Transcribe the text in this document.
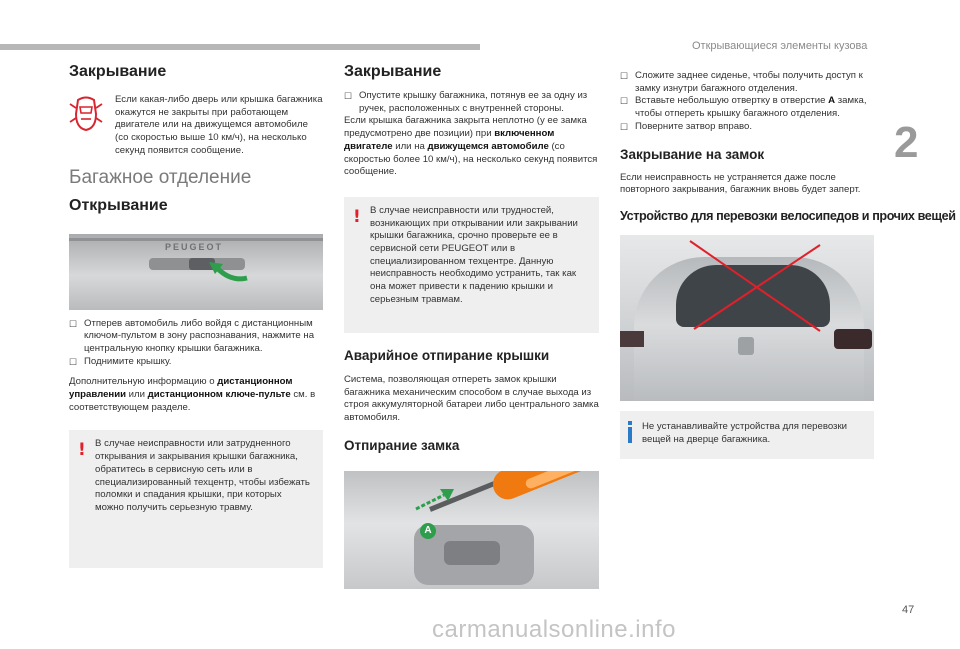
Открывающиеся элементы кузова
2
Закрывание

Если какая-либо дверь или крышка багажника окажутся не закрыты при работающем двигателе или на движущемся автомобиле (со скоростью выше 10 км/ч), на несколько секунд появится сообщение.

Багажное отделение
Открывание
PEUGEOT
☐ Отперев автомобиль либо войдя с дистанционным ключом-пультом в зону распознавания, нажмите на центральную кнопку крышки багажника.
☐ Поднимите крышку.

Дополнительную информацию о дистанционном управлении или дистанционном ключе-пульте см. в соответствующем разделе.

! В случае неисправности или затрудненного открывания и закрывания крышки багажника, обратитесь в сервисную сеть или в специализированный техцентр, чтобы избежать поломки и спадания крышки, при которых можно получить серьезную травму.

Закрывание
☐ Опустите крышку багажника, потянув ее за одну из ручек, расположенных с внутренней стороны.

Если крышка багажника закрыта неплотно (у ее замка предусмотрено две позиции) при включенном двигателе или на движущемся автомобиле (со скоростью более 10 км/ч), на несколько секунд появится сообщение.

! В случае неисправности или трудностей, возникающих при открывании или закрывании крышки багажника, срочно проверьте ее в сервисной сети PEUGEOT или в специализированном техцентре. Данную неисправность необходимо устранить, так как она может привести к падению крышки и серьезным травмам.

Аварийное отпирание крышки

Система, позволяющая отпереть замок крышки багажника механическим способом в случае выхода из строя аккумуляторной батареи либо центрального замка автомобиля.

Отпирание замка
A
☐ Сложите заднее сиденье, чтобы получить доступ к замку изнутри багажного отделения.
☐ Вставьте небольшую отвертку в отверстие A замка, чтобы отпереть крышку багажного отделения.
☐ Поверните затвор вправо.
Закрывание на замок

Если неисправность не устраняется даже после повторного закрывания, багажник вновь будет заперт.

Устройство для перевозки велосипедов и прочих вещей

Не устанавливайте устройства для перевозки вещей на дверце багажника.

47
carmanualsonline.info
